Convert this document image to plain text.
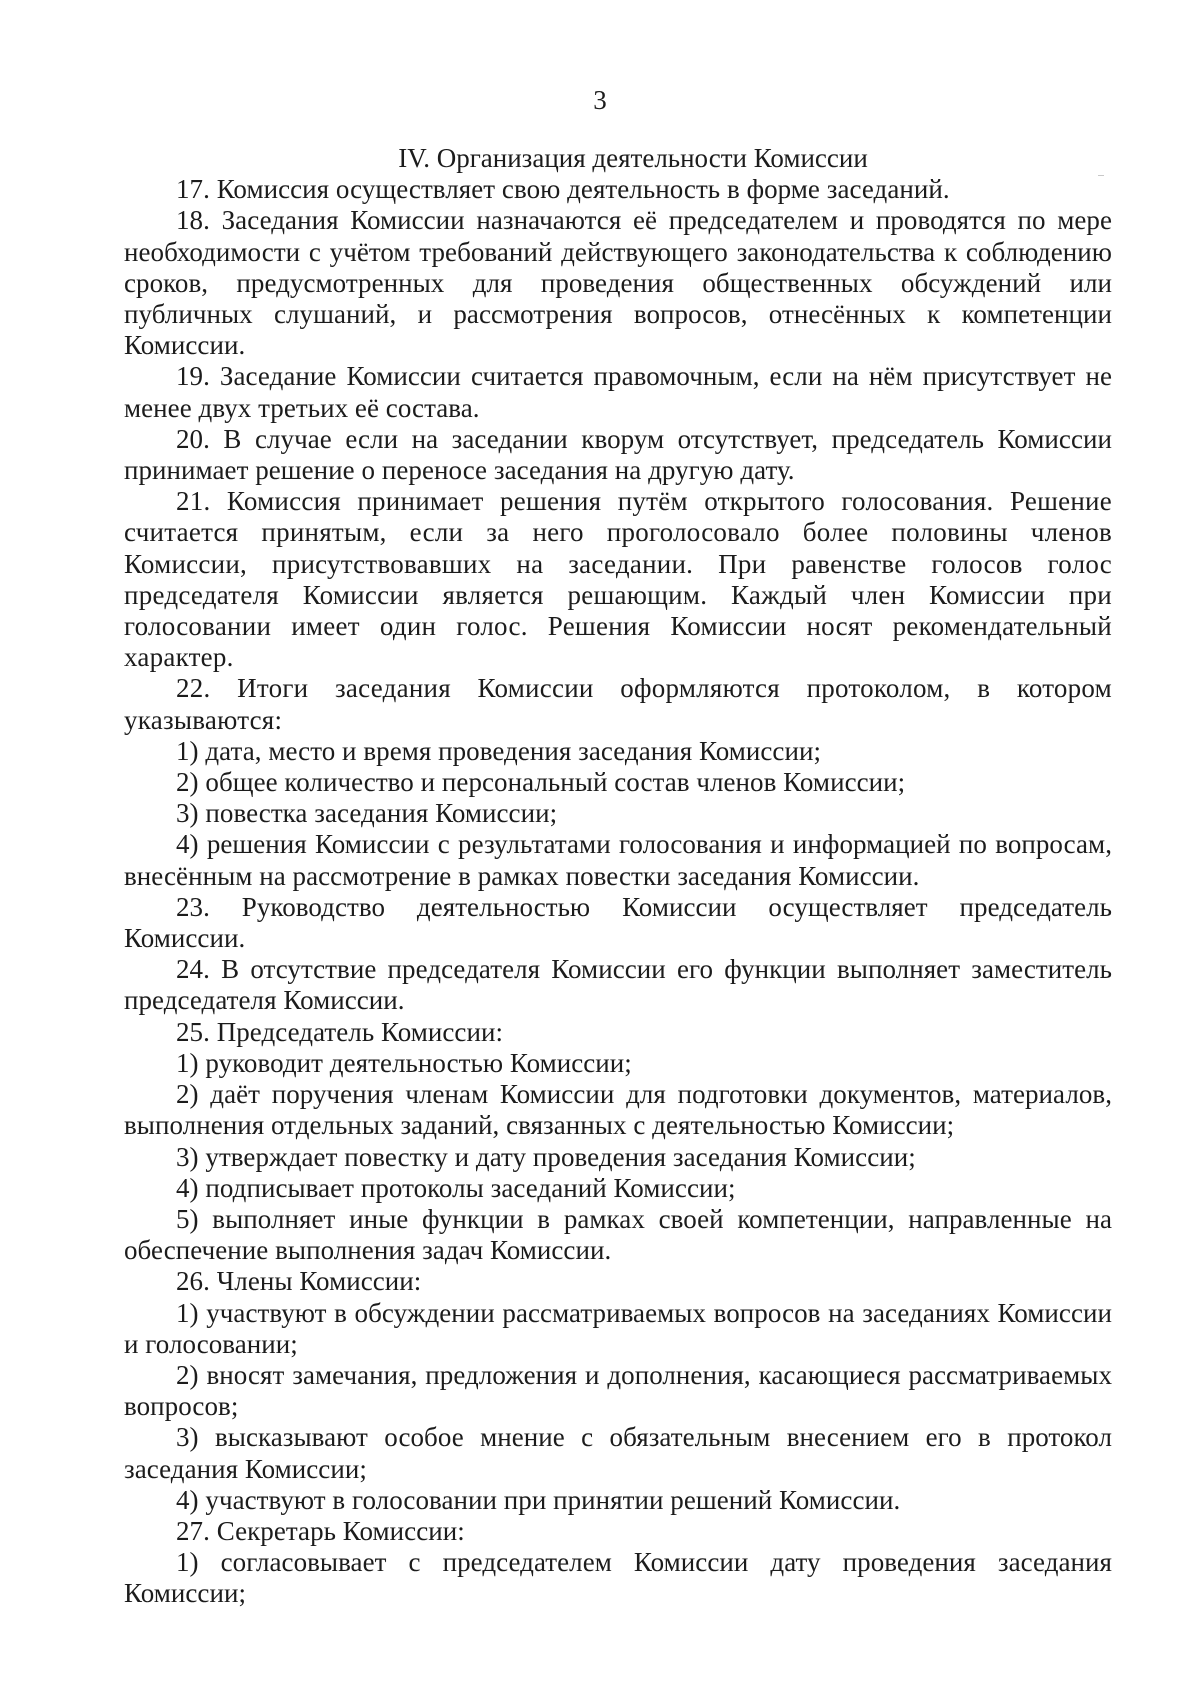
3
IV. Организация деятельности Комиссии

17. Комиссия осуществляет свою деятельность в форме заседаний.

18. Заседания Комиссии назначаются её председателем и проводятся по мере необходимости с учётом требований действующего законодательства к соблюдению сроков, предусмотренных для проведения общественных обсуждений или публичных слушаний, и рассмотрения вопросов, отнесённых к компетенции Комиссии.

19. Заседание Комиссии считается правомочным, если на нём присутствует не менее двух третьих её состава.

20. В случае если на заседании кворум отсутствует, председатель Комиссии принимает решение о переносе заседания на другую дату.

21. Комиссия принимает решения путём открытого голосования. Решение считается принятым, если за него проголосовало более половины членов Комиссии, присутствовавших на заседании. При равенстве голосов голос председателя Комиссии является решающим. Каждый член Комиссии при голосовании имеет один голос. Решения Комиссии носят рекомендательный характер.

22. Итоги заседания Комиссии оформляются протоколом, в котором указываются:

1) дата, место и время проведения заседания Комиссии;

2) общее количество и персональный состав членов Комиссии;

3) повестка заседания Комиссии;

4) решения Комиссии с результатами голосования и информацией по вопросам, внесённым на рассмотрение в рамках повестки заседания Комиссии.

23. Руководство деятельностью Комиссии осуществляет председатель Комиссии.

24. В отсутствие председателя Комиссии его функции выполняет заместитель председателя Комиссии.

25. Председатель Комиссии:

1) руководит деятельностью Комиссии;

2) даёт поручения членам Комиссии для подготовки документов, материалов, выполнения отдельных заданий, связанных с деятельностью Комиссии;

3) утверждает повестку и дату проведения заседания Комиссии;

4) подписывает протоколы заседаний Комиссии;

5) выполняет иные функции в рамках своей компетенции, направленные на обеспечение выполнения задач Комиссии.

26. Члены Комиссии:

1) участвуют в обсуждении рассматриваемых вопросов на заседаниях Комиссии и голосовании;

2) вносят замечания, предложения и дополнения, касающиеся рассматриваемых вопросов;

3) высказывают особое мнение с обязательным внесением его в протокол заседания Комиссии;

4) участвуют в голосовании при принятии решений Комиссии.

27. Секретарь Комиссии:

1) согласовывает с председателем Комиссии дату проведения заседания Комиссии;
